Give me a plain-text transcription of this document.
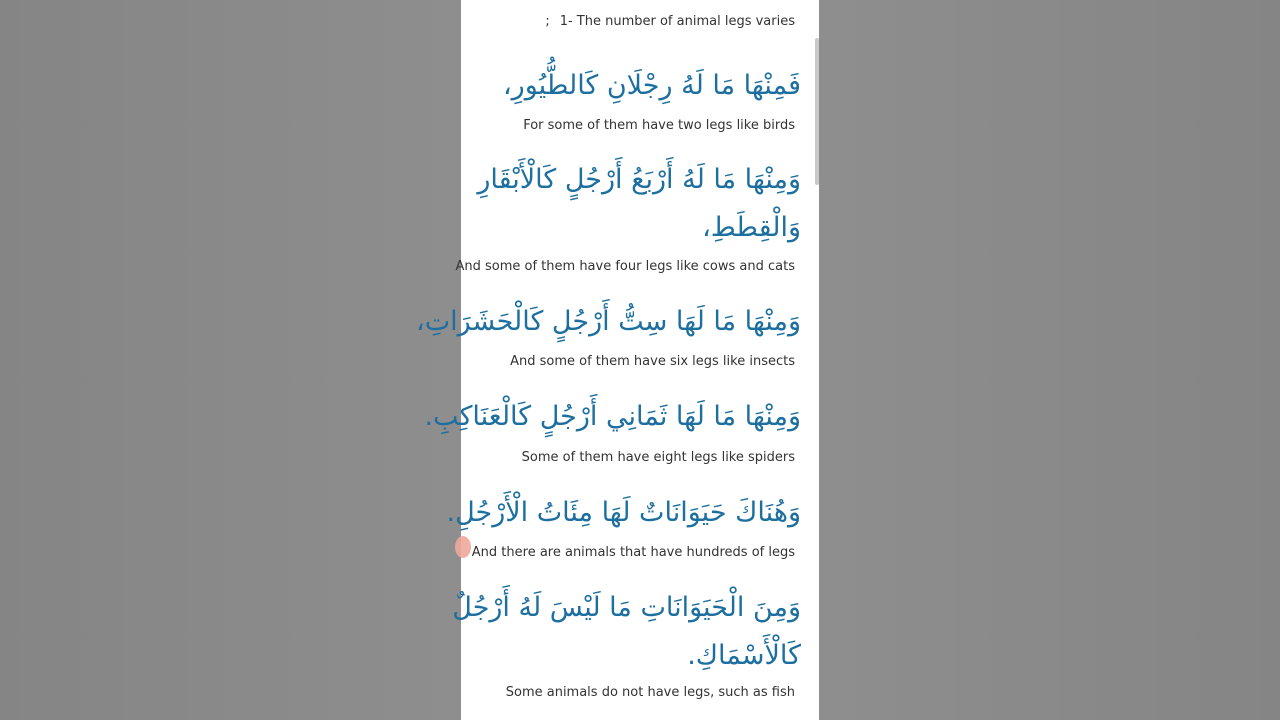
; 1- The number of animal legs varies
فَمِنْهَا مَا لَهُ رِجْلَانِ كَالطُّيُورِ،
For some of them have two legs like birds
وَمِنْهَا مَا لَهُ أَرْبَعُ أَرْجُلٍ كَالْأَبْقَارِ
وَالْقِطَطِ،
And some of them have four legs like cows and cats
وَمِنْهَا مَا لَهَا سِتُّ أَرْجُلٍ كَالْحَشَرَاتِ،
And some of them have six legs like insects
وَمِنْهَا مَا لَهَا ثَمَانِي أَرْجُلٍ كَالْعَنَاكِبِ.
Some of them have eight legs like spiders
وَهُنَاكَ حَيَوَانَاتٌ لَهَا مِئَاتُ الْأَرْجُلِ.
And there are animals that have hundreds of legs
وَمِنَ الْحَيَوَانَاتِ مَا لَيْسَ لَهُ أَرْجُلٌ
كَالْأَسْمَاكِ.
Some animals do not have legs, such as fish
